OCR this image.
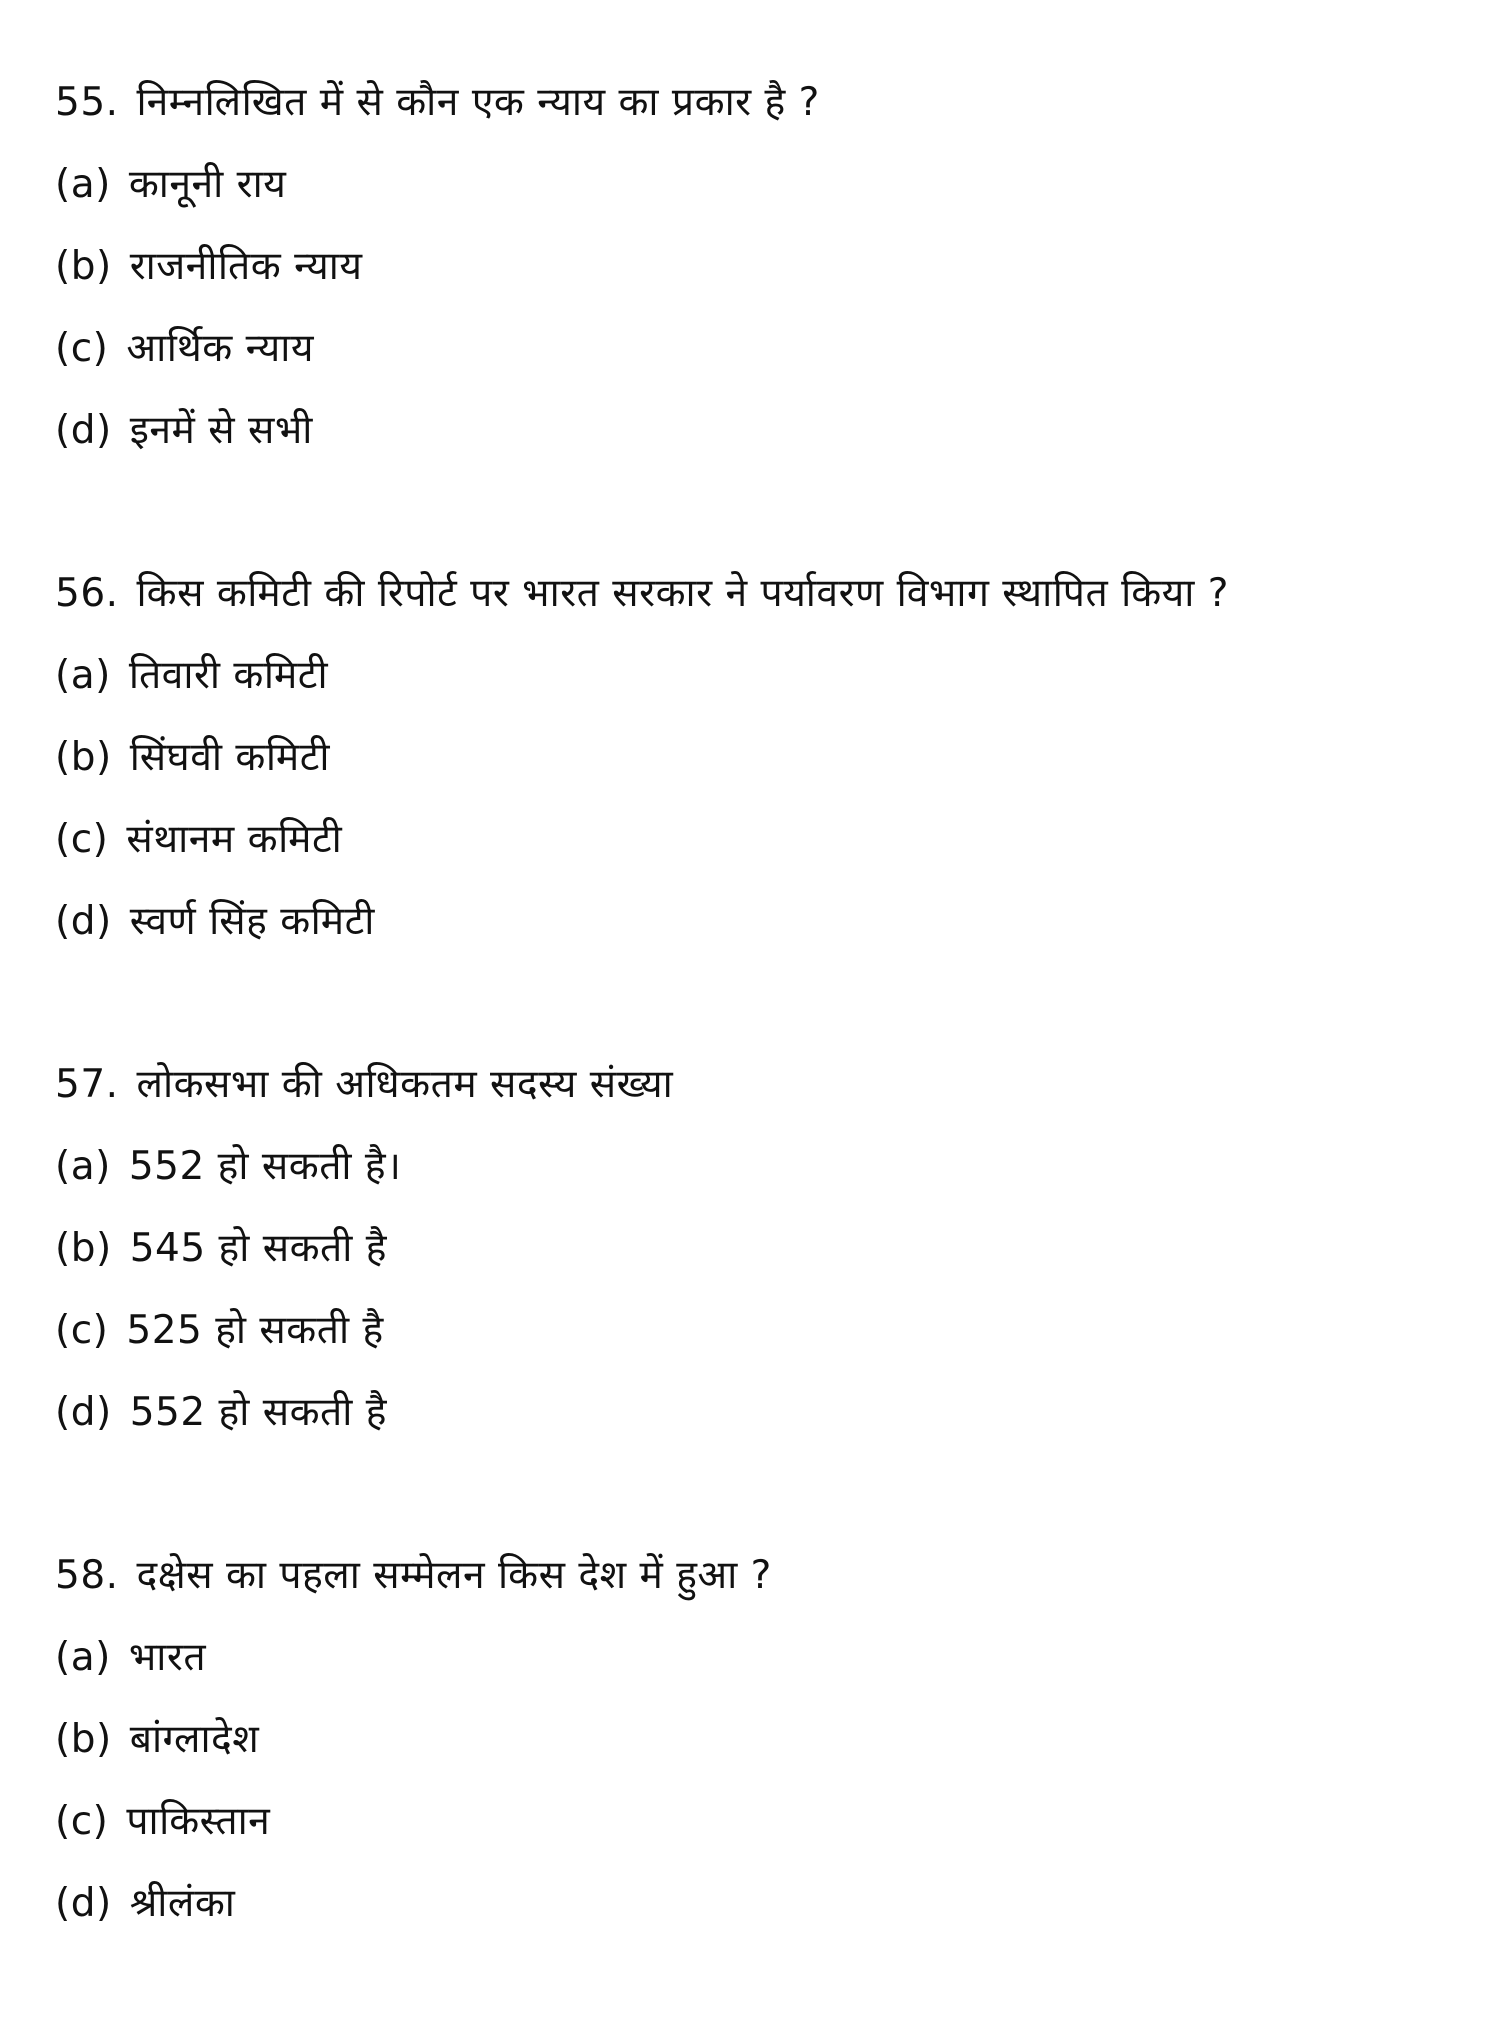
55. निम्नलिखित में से कौन एक न्याय का प्रकार है ?
(a) कानूनी राय
(b) राजनीतिक न्याय
(c) आर्थिक न्याय
(d) इनमें से सभी
56. किस कमिटी की रिपोर्ट पर भारत सरकार ने पर्यावरण विभाग स्थापित किया ?
(a) तिवारी कमिटी
(b) सिंघवी कमिटी
(c) संथानम कमिटी
(d) स्वर्ण सिंह कमिटी
57. लोकसभा की अधिकतम सदस्य संख्या
(a) 552 हो सकती है।
(b) 545 हो सकती है
(c) 525 हो सकती है
(d) 552 हो सकती है
58. दक्षेस का पहला सम्मेलन किस देश में हुआ ?
(a) भारत
(b) बांग्लादेश
(c) पाकिस्तान
(d) श्रीलंका
